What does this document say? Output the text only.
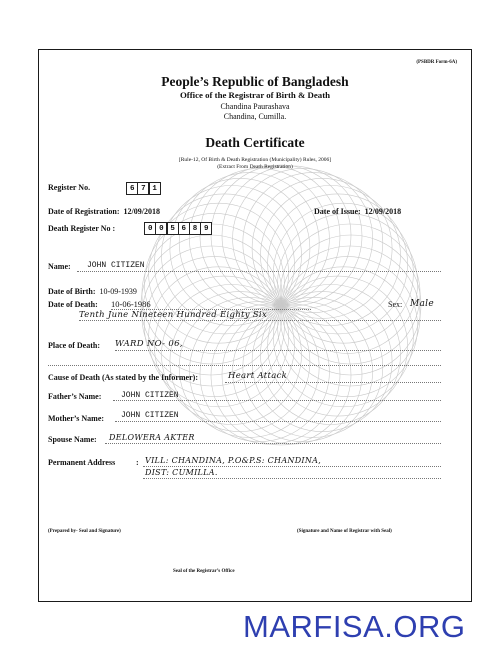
(PSBDR Form-6A)
People’s Republic of Bangladesh
Office of the Registrar of Birth & Death
Chandina Paurashava
Chandina, Cumilla.
Death Certificate
[Rule-12, Of Birth & Death Registration (Municipality) Rules, 2006]
(Extract From Death Registration)
Register No.	6 7 1
Date of Registration: 12/09/2018	Date of Issue: 12/09/2018
Death Register No :	0 0 5 6 8 9
Name: JOHN CITIZEN
Date of Birth: 10-09-1939
Date of Death: 10-06-1986
Tenth June Nineteen Hundred Eighty Six
Sex: Male
Place of Death: WARD NO- 06,
Cause of Death (As stated by the Informer):	Heart Attack
Father’s Name: JOHN CITIZEN
Mother’s Name: JOHN CITIZEN
Spouse Name: DELOWERA AKTER
Permanent Address	: VILL: CHANDINA, P.O&P.S: CHANDINA,
DIST: CUMILLA.
(Prepared by- Seal and Signature)	(Signature and Name of Registrar with Seal)
Seal of the Registrar’s Office
MARFISA.ORG
